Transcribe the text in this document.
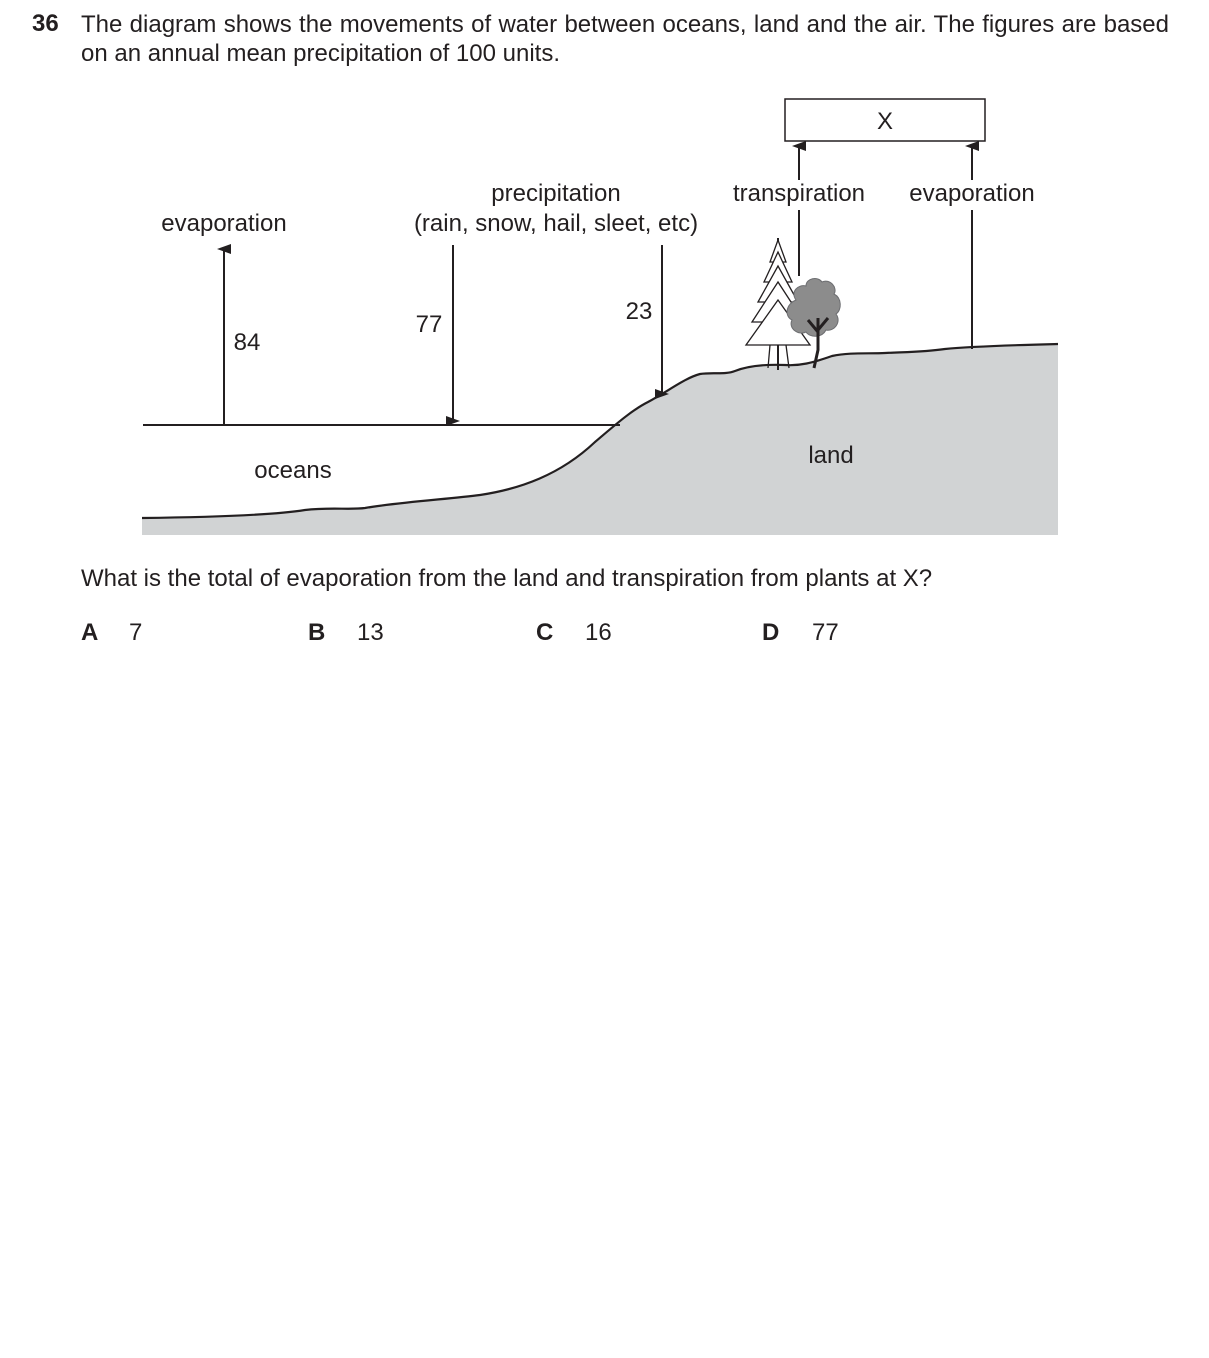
36 The diagram shows the movements of water between oceans, land and the air. The figures are based on an annual mean precipitation of 100 units.
X
evaporation
84
precipitation
(rain, snow, hail, sleet, etc)
77	23
transpiration evaporation
oceans
land
What is the total of evaporation from the land and transpiration from plants at X?
A 7	B 13	C 16	D 77
